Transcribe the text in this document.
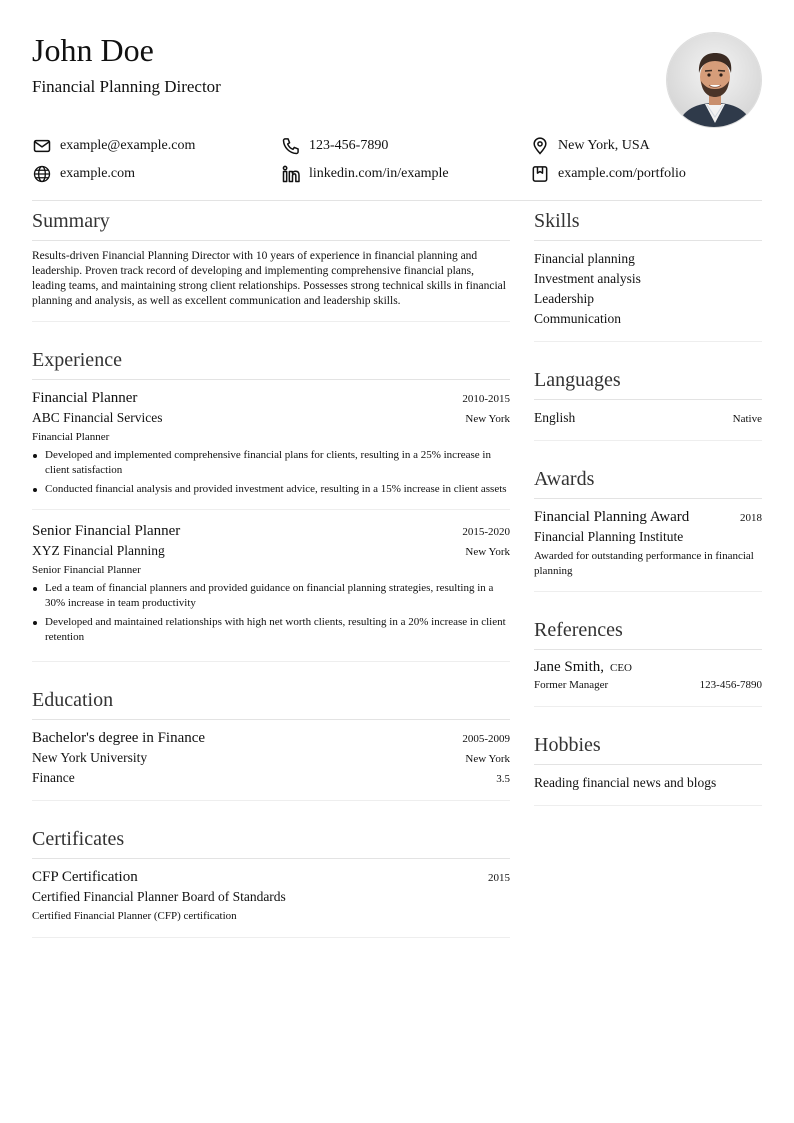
John Doe
Financial Planning Director
example@example.com	123-456-7890	New York, USA
example.com	linkedin.com/in/example	example.com/portfolio
Summary

Results-driven Financial Planning Director with 10 years of experience in financial planning and leadership. Proven track record of developing and implementing comprehensive financial plans, leading teams, and maintaining strong client relationships. Possesses strong technical skills in financial planning and analysis, as well as excellent communication and leadership skills.

Experience
Financial Planner	2010-2015
ABC Financial Services	New York
Financial Planner
Developed and implemented comprehensive financial plans for clients, resulting in a 25% increase in client satisfaction
Conducted financial analysis and provided investment advice, resulting in a 15% increase in client assets
Senior Financial Planner	2015-2020
XYZ Financial Planning	New York
Senior Financial Planner
Led a team of financial planners and provided guidance on financial planning strategies, resulting in a 30% increase in team productivity
Developed and maintained relationships with high net worth clients, resulting in a 20% increase in client retention
Education
Bachelor's degree in Finance	2005-2009
New York University	New York
Finance	3.5
Certificates
CFP Certification	2015
Certified Financial Planner Board of Standards
Certified Financial Planner (CFP) certification
Skills
Financial planning
Investment analysis
Leadership
Communication
Languages
English	Native
Awards
Financial Planning Award	2018
Financial Planning Institute
Awarded for outstanding performance in financial planning
References
Jane Smith, CEO
Former Manager	123-456-7890
Hobbies
Reading financial news and blogs
